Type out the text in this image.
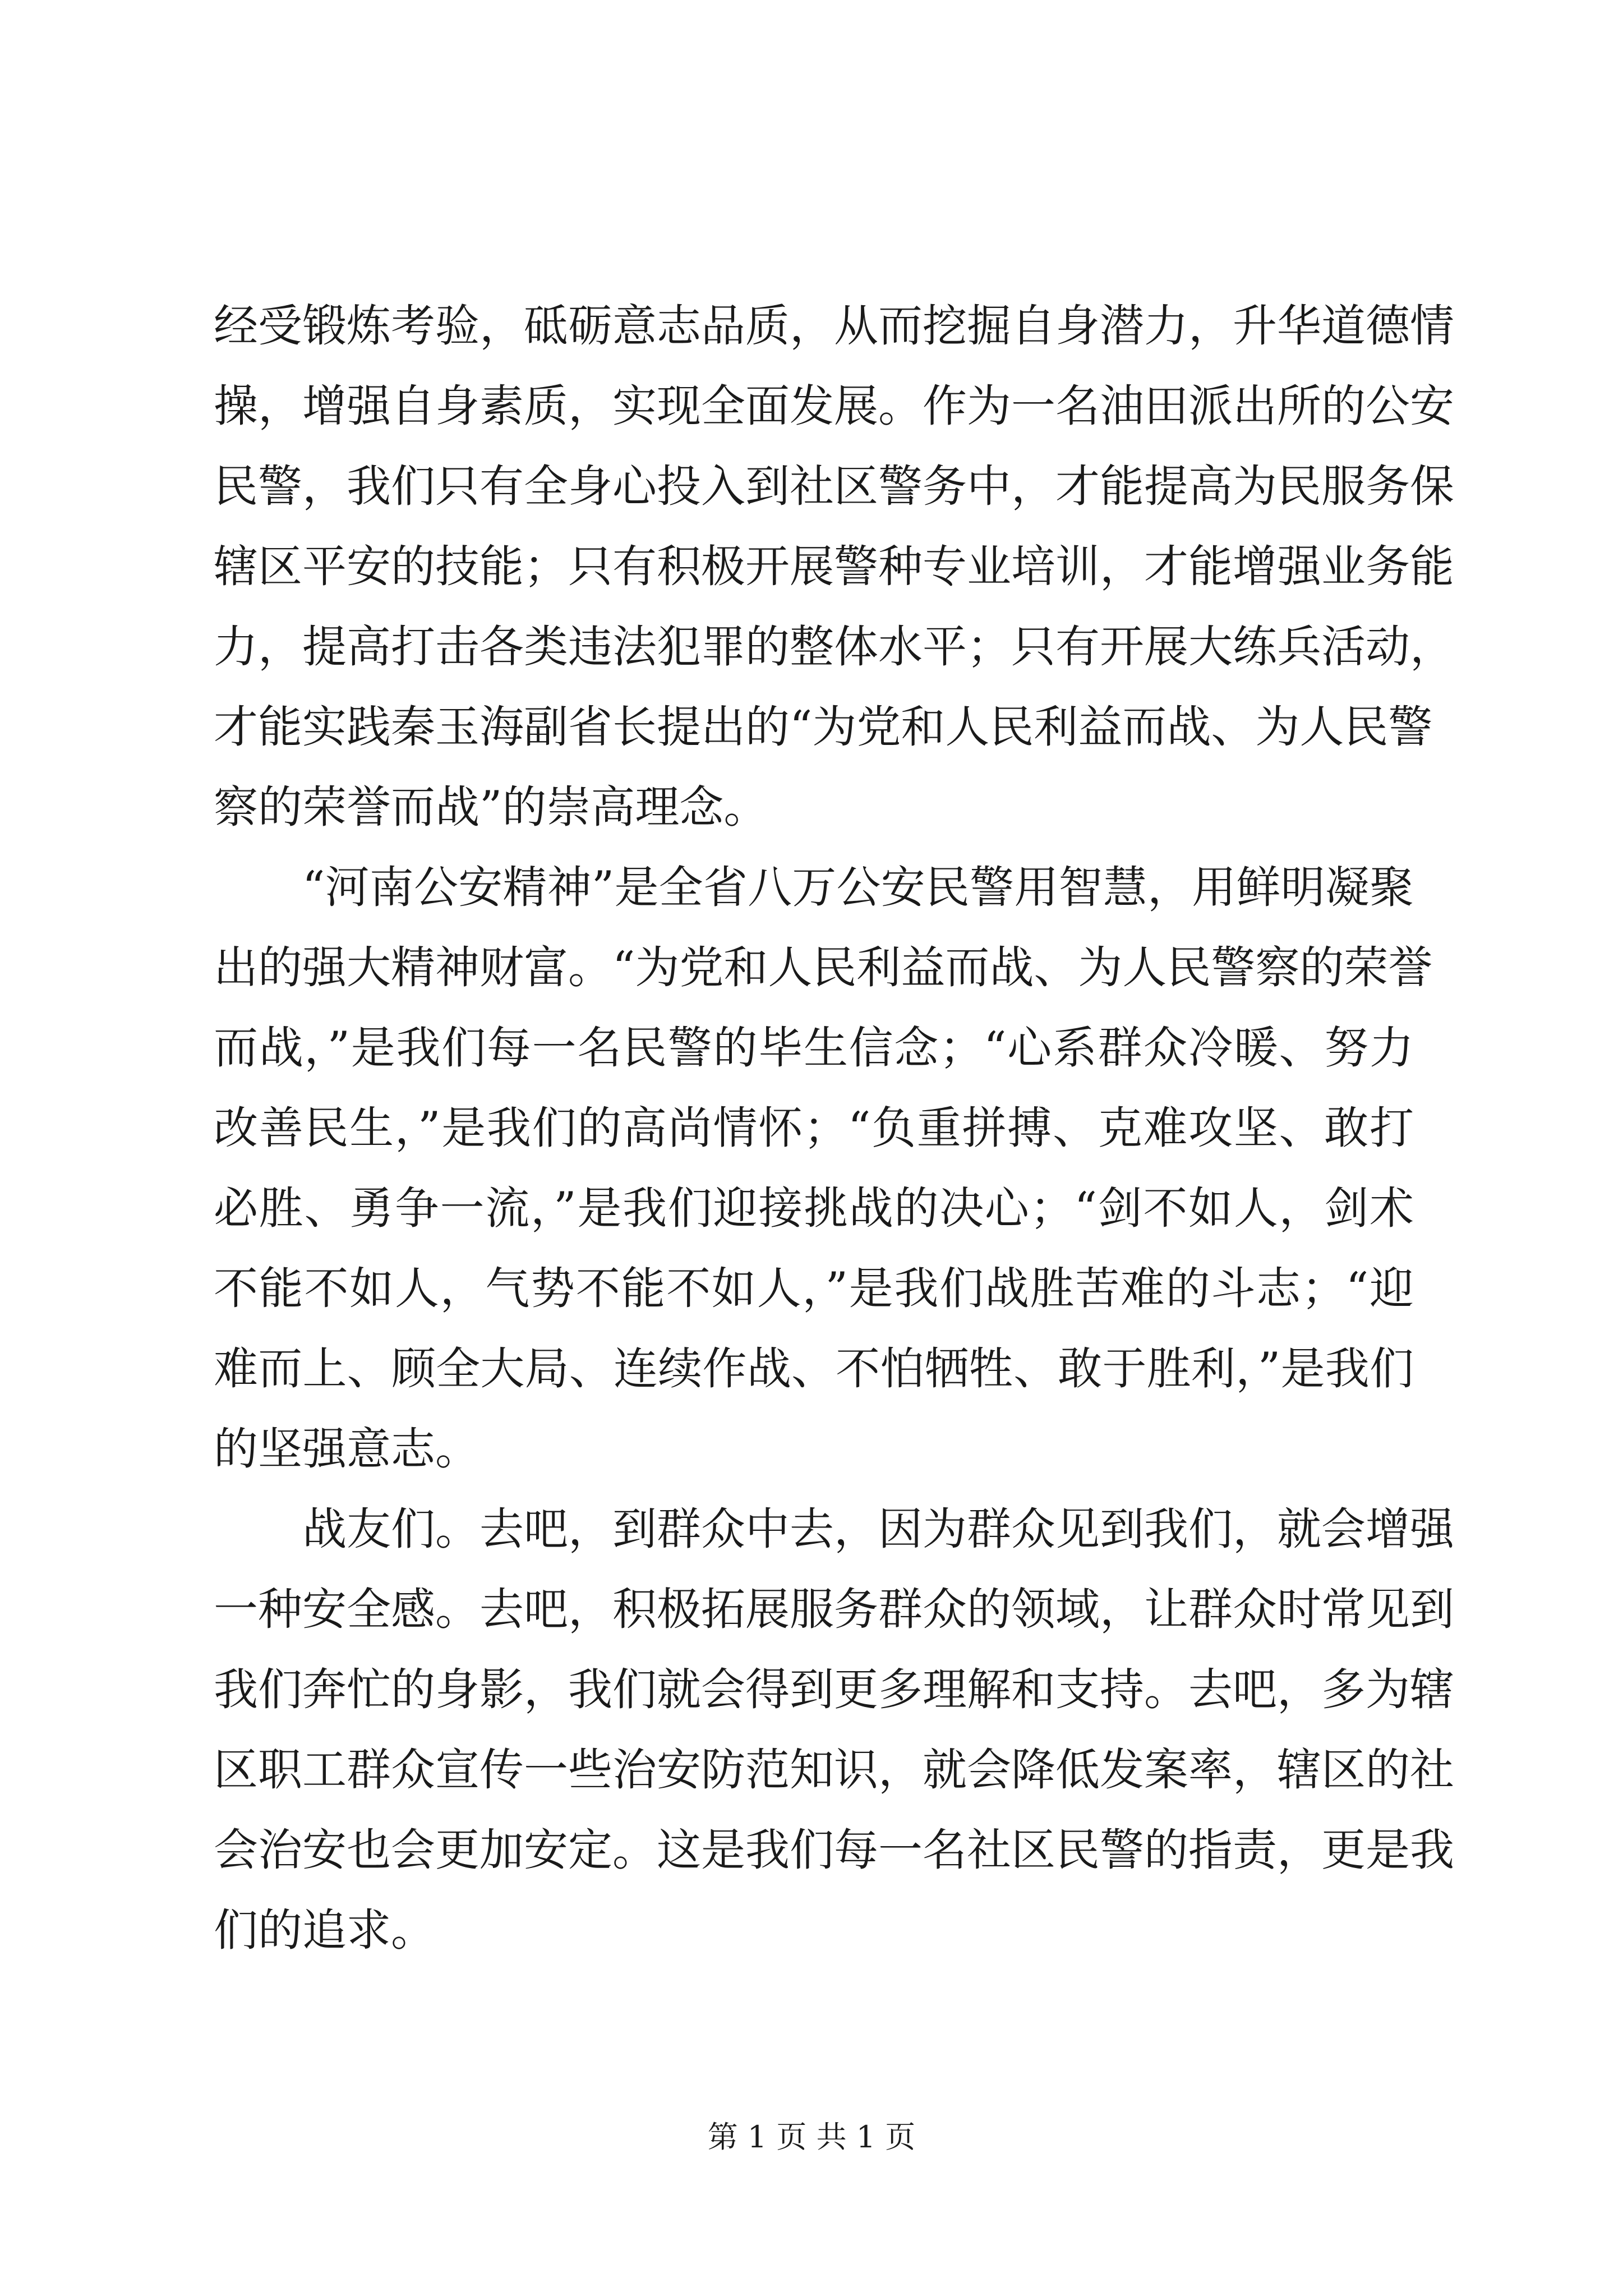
经受锻炼考验，砥砺意志品质，从而挖掘自身潜力，升华道德情
操，增强自身素质，实现全面发展。作为一名油田派出所的公安
民警，我们只有全身心投入到社区警务中，才能提高为民服务保
辖区平安的技能；只有积极开展警种专业培训，才能增强业务能
力，提高打击各类违法犯罪的整体水平；只有开展大练兵活动，
才能实践秦玉海副省长提出的“为党和人民利益而战、为人民警
察的荣誉而战”的崇高理念。
“河南公安精神”是全省八万公安民警用智慧，用鲜明凝聚
出的强大精神财富。“为党和人民利益而战、为人民警察的荣誉
而战，”是我们每一名民警的毕生信念；“心系群众冷暖、努力
改善民生，”是我们的高尚情怀；“负重拼搏、克难攻坚、敢打
必胜、勇争一流，”是我们迎接挑战的决心；“剑不如人，剑术
不能不如人，气势不能不如人，”是我们战胜苦难的斗志；“迎
难而上、顾全大局、连续作战、不怕牺牲、敢于胜利，”是我们
的坚强意志。
战友们。去吧，到群众中去，因为群众见到我们，就会增强
一种安全感。去吧，积极拓展服务群众的领域，让群众时常见到
我们奔忙的身影，我们就会得到更多理解和支持。去吧，多为辖
区职工群众宣传一些治安防范知识，就会降低发案率，辖区的社
会治安也会更加安定。这是我们每一名社区民警的指责，更是我
们的追求。
第 1 页 共 1 页
